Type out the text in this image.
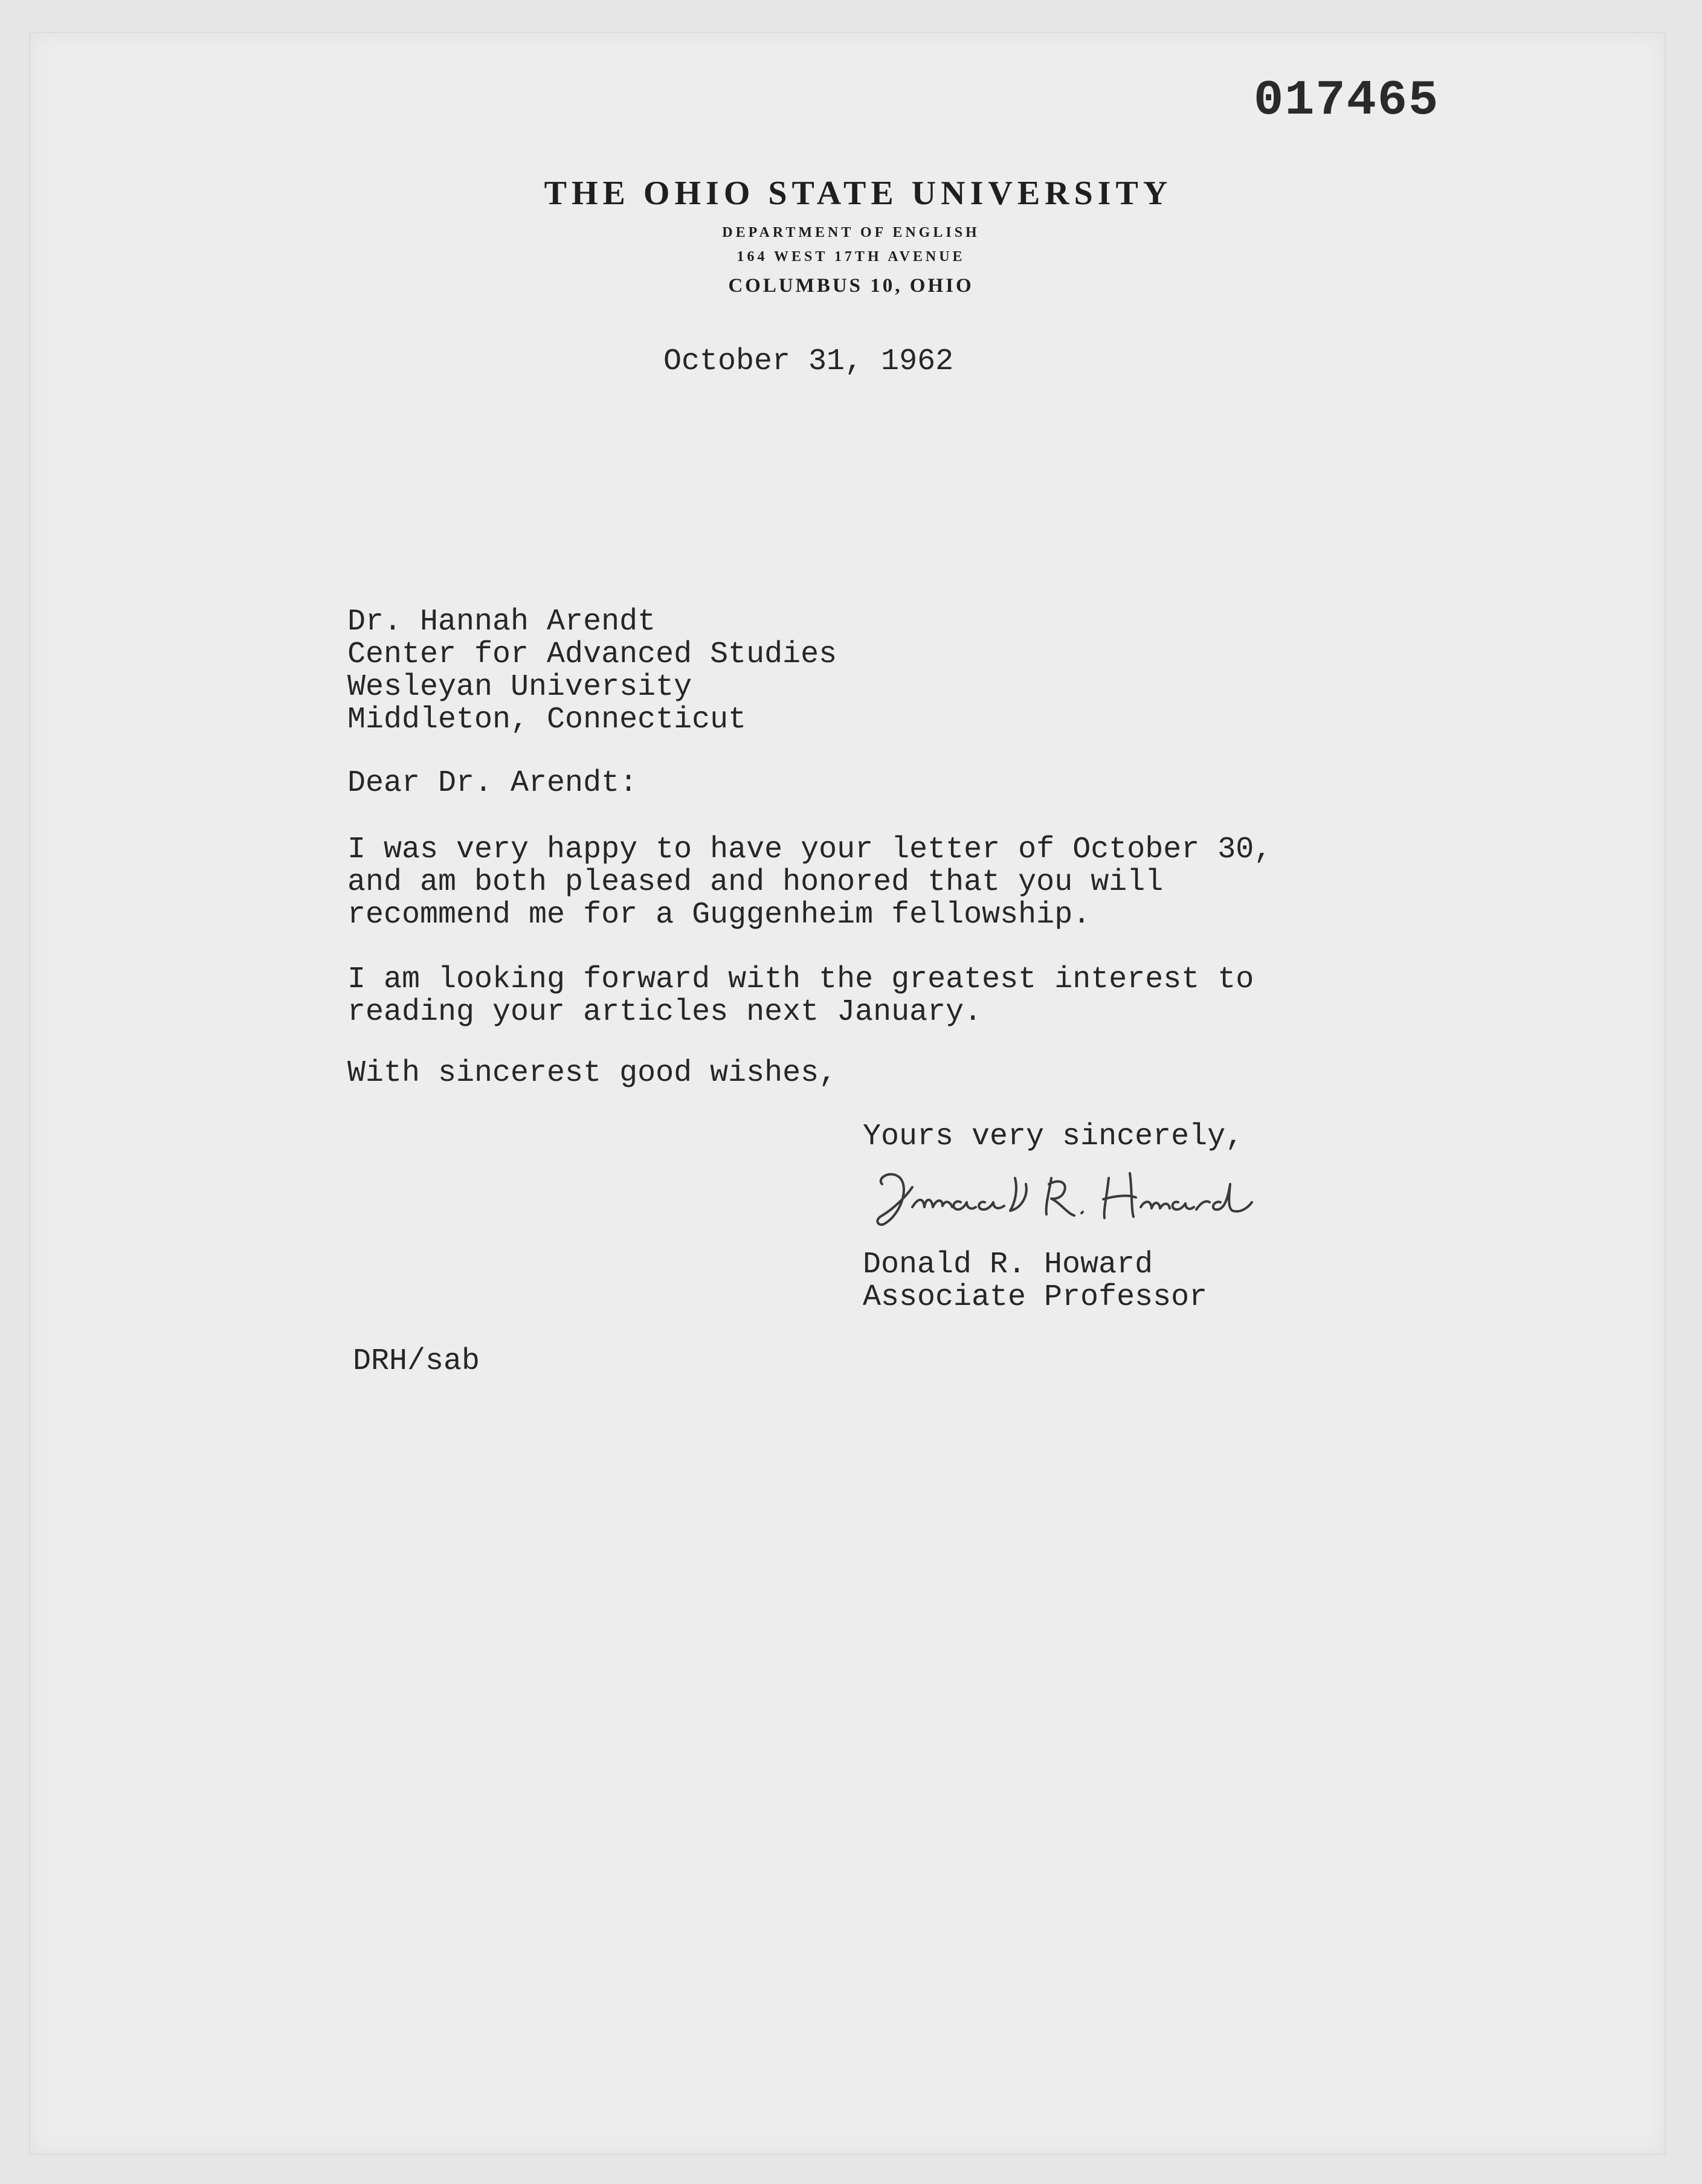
017465
THE OHIO STATE UNIVERSITY
DEPARTMENT OF ENGLISH
164 WEST 17TH AVENUE
COLUMBUS 10, OHIO
October 31, 1962
Dr. Hannah Arendt
Center for Advanced Studies
Wesleyan University
Middleton, Connecticut
Dear Dr. Arendt:
I was very happy to have your letter of October 30,
and am both pleased and honored that you will
recommend me for a Guggenheim fellowship.
I am looking forward with the greatest interest to
reading your articles next January.
With sincerest good wishes,
Yours very sincerely,
Donald R. Howard
Associate Professor
DRH/sab
